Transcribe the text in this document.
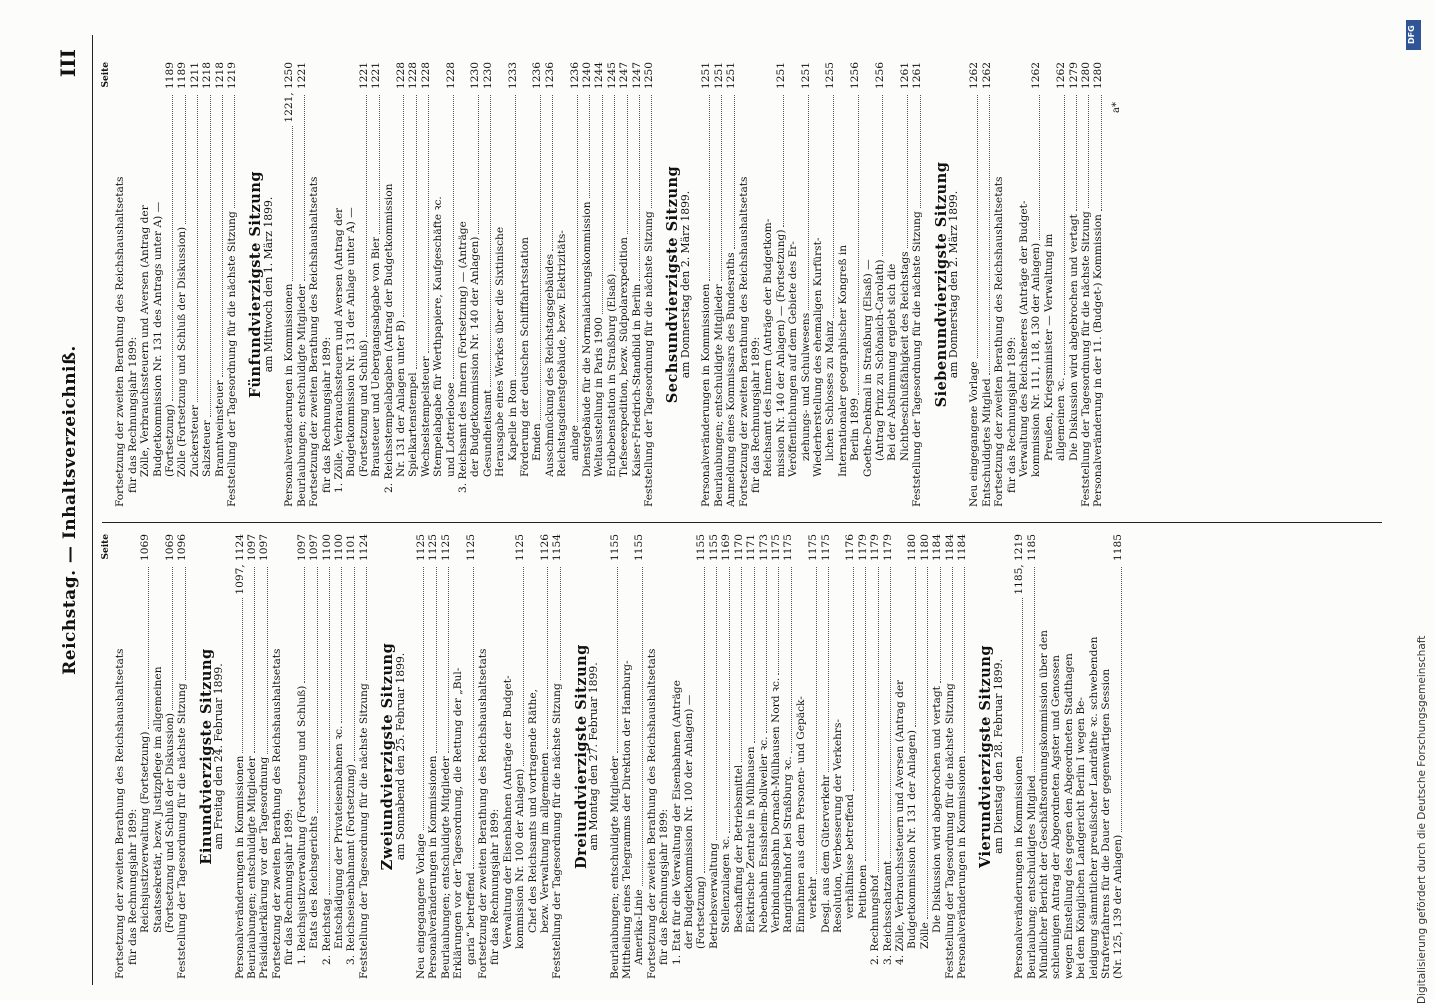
Reichstag. — Inhaltsverzeichniß.
III
Seite
Fortsetzung der zweiten Berathung des Reichshaushaltsetats für das Rechnungsjahr 1899: Reichsjustizverwaltung (Fortsetzung)
1069
Staatssekretär, bezw. Justizpflege im allgemeinen (Fortsetzung und Schluß der Diskussion)
1069
Feststellung der Tagesordnung für die nächste Sitzung
1096
Einundvierzigste Sitzung
am Freitag den 24. Februar 1899. Personalveränderungen in Kommissionen
1097, 1124
Beurlaubungen; entschuldigte Mitglieder
1097
Präsidialerklärung vor der Tagesordnung
1097
Fortsetzung der zweiten Berathung des Reichshaushaltsetats für das Rechnungsjahr 1899: 1. Reichsjustizverwaltung (Fortsetzung und Schluß)
1097
Etats des Reichsgerichts
1097
2. Reichstag
1100
Entschädigung der Privateisenbahnen ꝛc.
1100
3. Reichseisenbahnamt (Fortsetzung)
1101
Feststellung der Tagesordnung für die nächste Sitzung
1124
Zweiundvierzigste Sitzung
am Sonnabend den 25. Februar 1899.
Neu eingegangene Vorlage
1125
Personalveränderungen in Kommissionen
1125
Beurlaubungen; entschuldigte Mitglieder
1125
Erklärungen vor der Tagesordnung, die Rettung der „Bul- garia“ betreffend
1125
Fortsetzung der zweiten Berathung des Reichshaushaltsetats für das Rechnungsjahr 1899: Verwaltung der Eisenbahnen (Anträge der Budget- kommission Nr. 100 der Anlagen)
1125
Chef des Reichsamts und vortragende Räthe, bezw. Verwaltung im allgemeinen
1126
Feststellung der Tagesordnung für die nächste Sitzung
1154
Dreiundvierzigste Sitzung
am Montag den 27. Februar 1899. Beurlaubungen; entschuldigte Mitglieder
1155
Mittheilung eines Telegramms der Direktion der Hamburg- Amerika-Linie
1155
Fortsetzung der zweiten Berathung des Reichshaushaltsetats für das Rechnungsjahr 1899: 1. Etat für die Verwaltung der Eisenbahnen (Anträge der Budgetkommission Nr. 100 der Anlagen) — (Fortsetzung)
1155
Betriebsverwaltung
1155
Stellenzulagen ꝛc.
1169
Beschaffung der Betriebsmittel
1170
Elektrische Zentrale in Mülhausen
1171
Nebenbahn Ensisheim-Bollweiler ꝛc.
1173
Verbindungsbahn Dornach-Mülhausen Nord ꝛc.
1175
Rangirbahnhof bei Straßburg ꝛc.
1175
Einnahmen aus dem Personen- und Gepäck- verkehr
1175
Desgl. aus dem Güterverkehr
1175
Resolution, Verbesserung der Verkehrs- verhältnisse betreffend
1176
Petitionen
1179
2. Rechnungshof
1179
3. Reichsschatzamt
1179
4. Zölle, Verbrauchssteuern und Aversen (Antrag der Budgetkommission Nr. 131 der Anlagen)
1180
Zölle
1180
Die Diskussion wird abgebrochen und vertagt
1184
Feststellung der Tagesordnung für die nächste Sitzung
1184
Personalveränderungen in Kommissionen
1184
Vierundvierzigste Sitzung
am Dienstag den 28. Februar 1899. Personalveränderungen in Kommissionen
1185, 1219
Beurlaubung; entschuldigtes Mitglied
1185
Mündlicher Bericht der Geschäftsordnungskommission über den schleunigen Antrag der Abgeordneten Agster und Genossen wegen Einstellung des gegen den Abgeordneten Stadthagen bei dem Königlichen Landgericht Berlin I wegen Be- leidigung sämmtlicher preußischer Landräthe ꝛc. schwebenden Strafverfahrens für die Dauer der gegenwärtigen Session (Nr. 125, 139 der Anlagen)
1185
Seite
Fortsetzung der zweiten Berathung des Reichshaushaltsetats für das Rechnungsjahr 1899: Zölle, Verbrauchssteuern und Aversen (Antrag der Budgetkommission Nr. 131 des Antrags unter A) — (Fortsetzung)
1189
Zölle (Fortsetzung und Schluß der Diskussion)
1189
Zuckersteuer
1211
Salzsteuer
1218
Branntweinsteuer
1218
Feststellung der Tagesordnung für die nächste Sitzung
1219
Fünfundvierzigste Sitzung
am Mittwoch den 1. März 1899. Personalveränderungen in Kommissionen
1221, 1250
Beurlaubungen; entschuldigte Mitglieder
1221
Fortsetzung der zweiten Berathung des Reichshaushaltsetats für das Rechnungsjahr 1899: 1. Zölle, Verbrauchssteuern und Aversen (Antrag der Budgetkommission Nr. 131 der Anlage unter A) — (Fortsetzung und Schluß)
1221
Brausteuer und Uebergangsabgabe von Bier
1221
2. Reichsstempelabgaben (Antrag der Budgetkommission Nr. 131 der Anlagen unter B)
1228
Spielkartenstempel
1228
Wechselstempelsteuer
1228
Stempelabgabe für Werthpapiere, Kaufgeschäfte ꝛc. und Lotterieloose
1228
3. Reichsamt des Innern (Fortsetzung) — (Anträge der Budgetkommission Nr. 140 der Anlagen)
1230
Gesundheitsamt
1230
Herausgabe eines Werkes über die Sixtinische Kapelle in Rom
1233
Förderung der deutschen Schifffahrtsstation Emden
1236
Ausschmückung des Reichstagsgebäudes
1236
Reichstagsdienstgebäude, bezw. Elektrizitäts- anlage
1236
Dienstgebäude für die Normalaichungskommission
1240
Weltausstellung in Paris 1900
1244
Erdbebenstation in Straßburg (Elsaß)
1245
Tiefseeexpedition, bezw. Südpolarexpedition
1247
Kaiser-Friedrich-Standbild in Berlin
1247
Feststellung der Tagesordnung für die nächste Sitzung
1250
Sechsundvierzigste Sitzung
am Donnerstag den 2. März 1899. Personalveränderungen in Kommissionen
1251
Beurlaubungen; entschuldigte Mitglieder
1251
Anmeldung eines Kommissars des Bundesraths
1251
Fortsetzung der zweiten Berathung des Reichshaushaltsetats für das Rechnungsjahr 1899: Reichsamt des Innern (Anträge der Budgetkom- mission Nr. 140 der Anlagen) — (Fortsetzung)
1251
Veröffentlichungen auf dem Gebiete des Er- ziehungs- und Schulwesens
1251
Wiederherstellung des ehemaligen Kurfürst- lichen Schlosses zu Mainz
1255
Internationaler geographischer Kongreß in Berlin 1899
1256
Goethe-Denkmal in Straßburg (Elsaß) — (Antrag Prinz zu Schönaich-Carolath)
1256
Bei der Abstimmung ergiebt sich die Nichtbeschlußfähigkeit des Reichstags
1261
Feststellung der Tagesordnung für die nächste Sitzung
1261
Siebenundvierzigste Sitzung
am Donnerstag den 2. März 1899.
Neu eingegangene Vorlage
1262
Entschuldigtes Mitglied
1262
Fortsetzung der zweiten Berathung des Reichshaushaltsetats für das Rechnungsjahr 1899: Verwaltung des Reichsheeres (Anträge der Budget- kommission Nr. 111, 118, 130 der Anlagen)
1262
Preußen, Kriegsminister — Verwaltung im allgemeinen ꝛc.
1262
Die Diskussion wird abgebrochen und vertagt
1279
Feststellung der Tagesordnung für die nächste Sitzung
1280
Personalveränderung in der 11. (Budget-) Kommission
1280
a*
DFG
Digitalisierung gefördert durch die Deutsche Forschungsgemeinschaft
